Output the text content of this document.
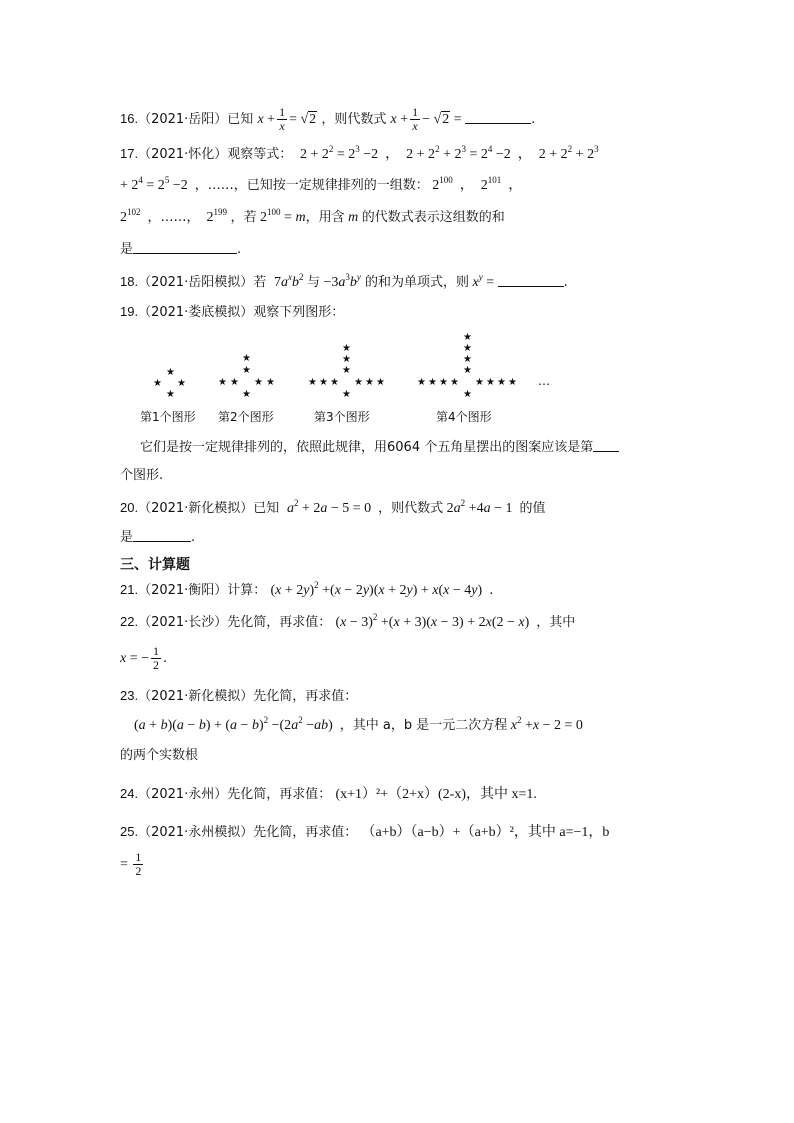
16.（2021·岳阳）已知 $x + \frac{1}{x} = √2$ ，则代数式 $x + \frac{1}{x} - √2$ =	.
17.（2021·怀化）观察等式：  $2 + 2^2 = 2^3 -2$  ，  $2 + 2^2 + 2^3 = 2^4 -2$  ，  $2 + 2^2 + 2^3$
+ $2^4 = 2^5 -2$  ，……，已知按一定规律排列的一组数： $2^{100}$  ，  $2^{101}$  ，
$2^{102}$ ，……，  $2^{199}$ ，若 $2^{100} = m$，用含 m 的代数式表示这组数的和
是	.
18.（2021·岳阳模拟）若  $7a^xb^2$ 与 $-3a^3b^y$ 的和为单项式，则 $x^y$ =	.
19.（2021·娄底模拟）观察下列图形：
★
★ ★
★
★
★
★ ★ ★ ★
★
★
★
★
★ ★ ★ ★ ★ ★
★
★
★
★
★
★ ★ ★ ★ ★ ★ ★ ★
★
…
第1个图形 第2个图形	第3个图形	第4个图形
它们是按一定规律排列的，依照此规律，用6064 个五角星摆出的图案应该是第
个图形.
20.（2021·新化模拟）已知  $a^2 + 2a - 5 = 0$  ，则代数式 $2a^2 +4a - 1$  的值
是	.
三、计算题
21.（2021·衡阳）计算： $(x + 2y)^2 +(x - 2y)(x + 2y) + x(x - 4y)$  .
22.（2021·长沙）先化简，再求值： $(x - 3)^2 +(x + 3)(x - 3) + 2x(2 - x)$  ，其中
x = − $\frac{1}{2}$ .
23.（2021·新化模拟）先化简，再求值：
$(a + b)(a - b) + (a - b)^2 -(2a^2 -ab)$  ，其中 a，b 是一元二次方程 $x^2 +x - 2 = 0$
的两个实数根
24.（2021·永州）先化简，再求值： (x+1）²+（2+x）(2-x)，其中 x=1.
25.（2021·永州模拟）先化简，再求值： （a+b）（a−b）+（a+b）²，其中 a=−1，b
= $\frac{1}{2}$
